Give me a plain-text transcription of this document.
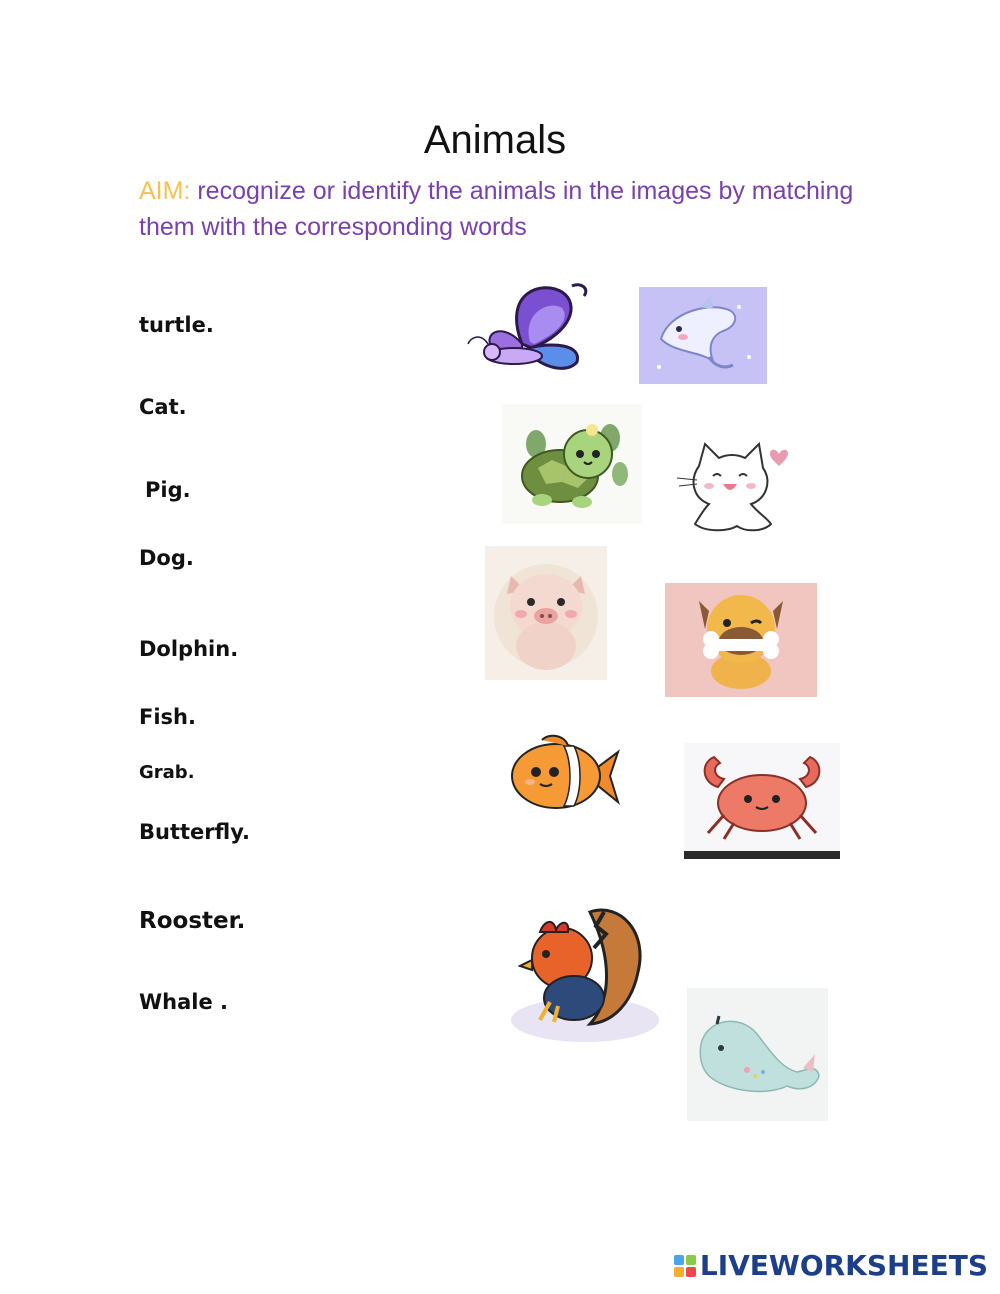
Animals
AIM: recognize or identify the animals in the images by matching them with the corresponding words
turtle.
Cat.
Pig.
Dog.
Dolphin.
Fish.
Grab.
Butterfly.
Rooster.
Whale .
LIVEWORKSHEETS
